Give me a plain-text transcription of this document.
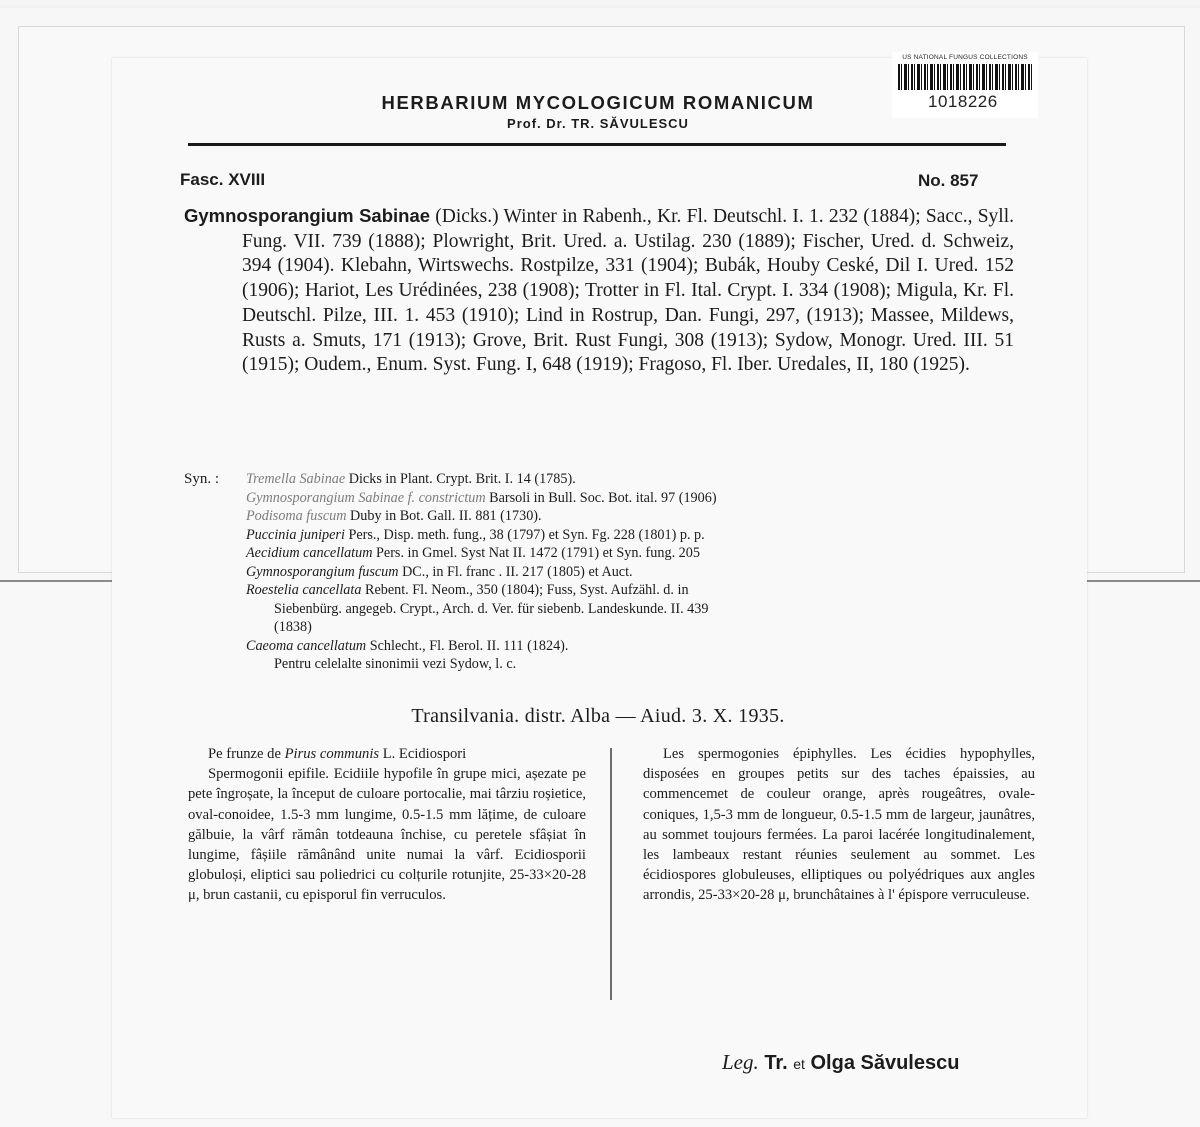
US NATIONAL FUNGUS COLLECTIONS
1018226
HERBARIUM MYCOLOGICUM ROMANICUM
Prof. Dr. TR. SĂVULESCU
Fasc. XVIII	No. 857

Gymnosporangium Sabinae (Dicks.) Winter in Rabenh., Kr. Fl. Deutschl. I. 1. 232 (1884); Sacc., Syll. Fung. VII. 739 (1888); Plowright, Brit. Ured. a. Ustilag. 230 (1889); Fischer, Ured. d. Schweiz, 394 (1904). Klebahn, Wirtswechs. Rostpilze, 331 (1904); Bubák, Houby Ceské, Dil I. Ured. 152 (1906); Hariot, Les Urédinées, 238 (1908); Trotter in Fl. Ital. Crypt. I. 334 (1908); Migula, Kr. Fl. Deutschl. Pilze, III. 1. 453 (1910); Lind in Rostrup, Dan. Fungi, 297, (1913); Massee, Mildews, Rusts a. Smuts, 171 (1913); Grove, Brit. Rust Fungi, 308 (1913); Sydow, Monogr. Ured. III. 51 (1915); Oudem., Enum. Syst. Fung. I, 648 (1919); Fragoso, Fl. Iber. Uredales, II, 180 (1925).

Syn. : Tremella Sabinae Dicks in Plant. Crypt. Brit. I. 14 (1785).
Gymnosporangium Sabinae f. constrictum Barsoli in Bull. Soc. Bot. ital. 97 (1906)
Podisoma fuscum Duby in Bot. Gall. II. 881 (1730).
Puccinia juniperi Pers., Disp. meth. fung., 38 (1797) et Syn. Fg. 228 (1801) p. p.
Aecidium cancellatum Pers. in Gmel. Syst Nat II. 1472 (1791) et Syn. fung. 205
Gymnosporangium fuscum DC., in Fl. franc . II. 217 (1805) et Auct.
Roestelia cancellata Rebent. Fl. Neom., 350 (1804); Fuss, Syst. Aufzähl. d. in
Siebenbürg. angegeb. Crypt., Arch. d. Ver. für siebenb. Landeskunde. II. 439
(1838)
Caeoma cancellatum Schlecht., Fl. Berol. II. 111 (1824).
Pentru celelalte sinonimii vezi Sydow, l. c.
Transilvania. distr. Alba — Aiud. 3. X. 1935.

Pe frunze de Pirus communis L. Ecidiospori

Spermogonii epifile. Ecidiile hypofile în grupe mici, așezate pe pete îngroșate, la început de culoare portocalie, mai târziu roșietice, oval-conoidee, 1.5-3 mm lungime, 0.5-1.5 mm lățime, de culoare gălbuie, la vârf rămân totdeauna închise, cu peretele sfâșiat în lungime, fâșiile rămânând unite numai la vârf. Ecidiosporii globuloși, eliptici sau poliedrici cu colțurile rotunjite, 25-33×20-28 μ, brun castanii, cu episporul fin verruculos.

Les spermogonies épiphylles. Les écidies hypophylles, disposées en groupes petits sur des taches épaissies, au commencemet de couleur orange, après rougeâtres, ovale-coniques, 1,5-3 mm de longueur, 0.5-1.5 mm de largeur, jaunâtres, au sommet toujours fermées. La paroi lacérée longitudinalement, les lambeaux restant réunies seulement au sommet. Les écidiospores globuleuses, elliptiques ou polyédriques aux angles arrondis, 25-33×20-28 μ, brunchâtaines à l' épispore verruculeuse.

Leg. Tr. et Olga Săvulescu
